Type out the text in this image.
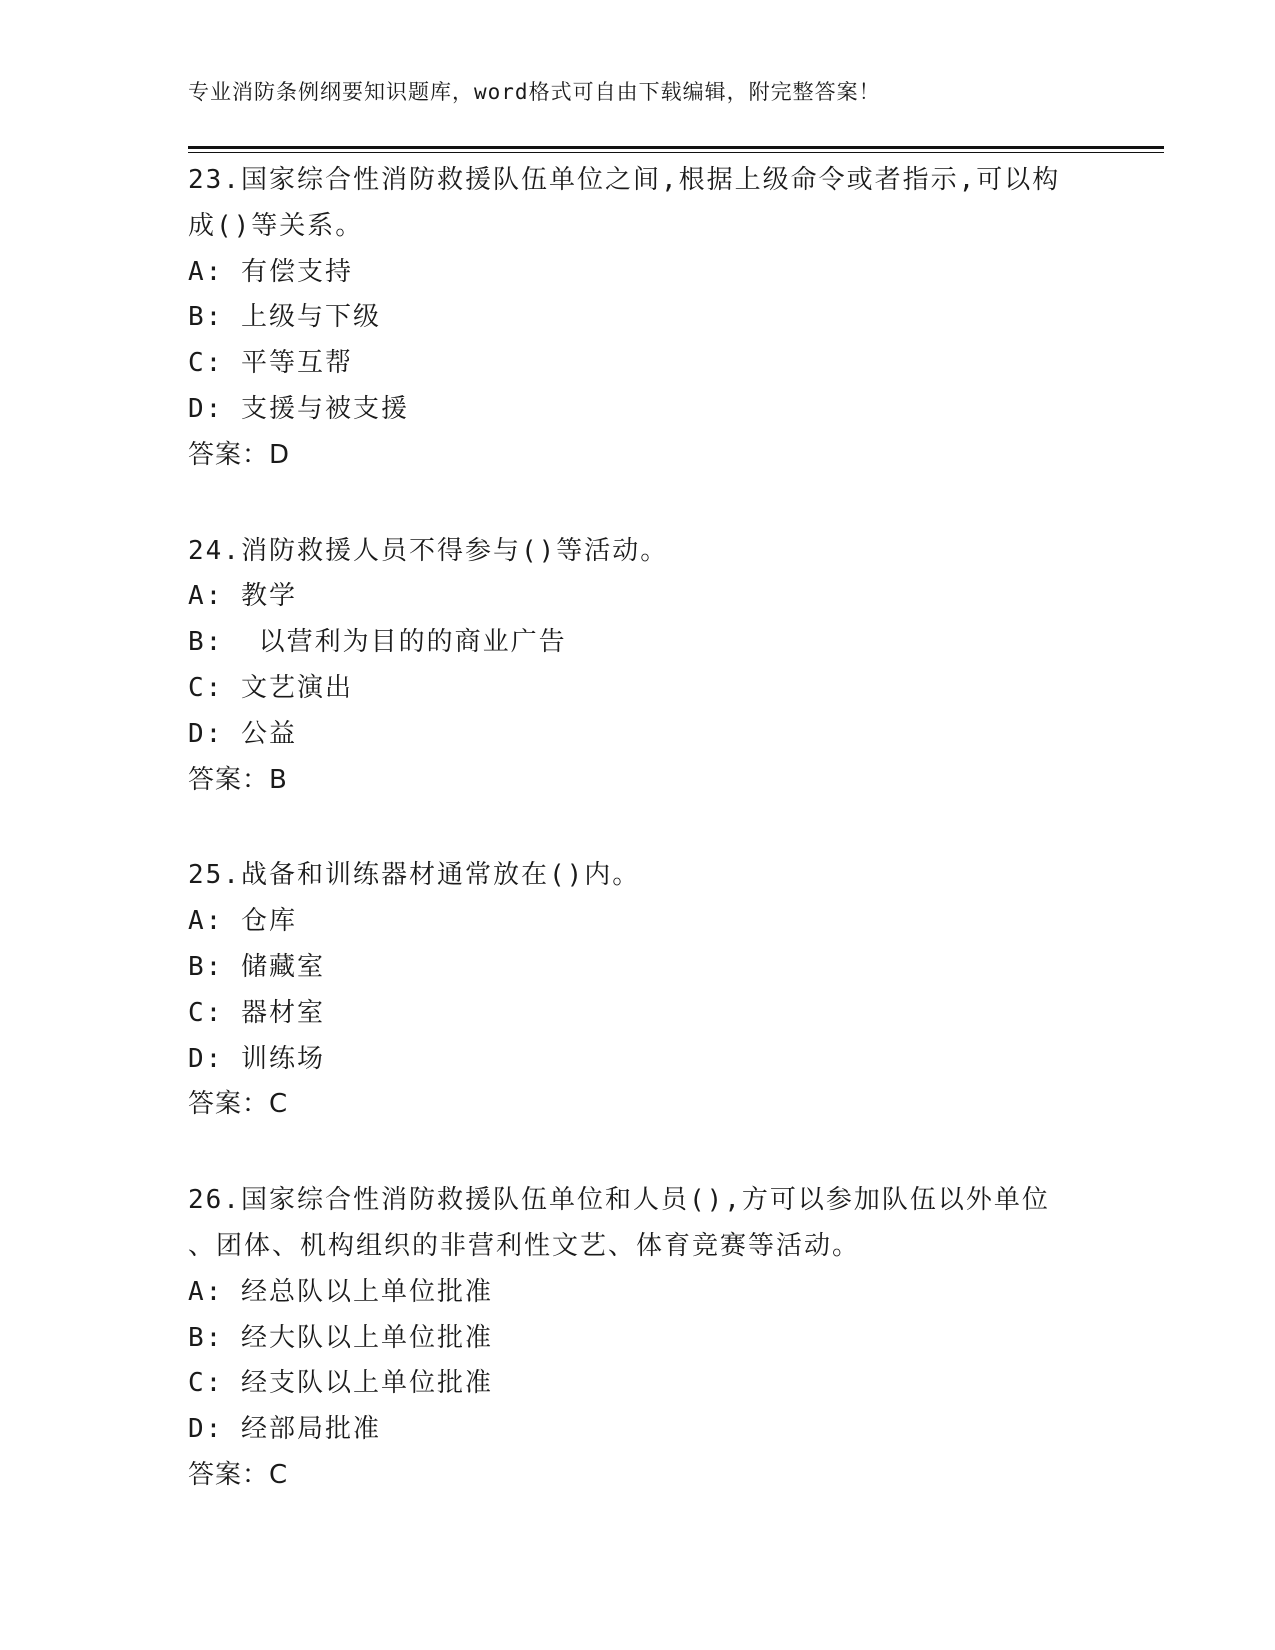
专业消防条例纲要知识题库，word格式可自由下载编辑，附完整答案！
23.国家综合性消防救援队伍单位之间,根据上级命令或者指示,可以构
成()等关系。
A: 有偿支持
B: 上级与下级
C: 平等互帮
D: 支援与被支援
答案：D
24.消防救援人员不得参与()等活动。
A: 教学
B:  以营利为目的的商业广告
C: 文艺演出
D: 公益
答案：B
25.战备和训练器材通常放在()内。
A: 仓库
B: 储藏室
C: 器材室
D: 训练场
答案：C
26.国家综合性消防救援队伍单位和人员(),方可以参加队伍以外单位
、团体、机构组织的非营利性文艺、体育竞赛等活动。
A: 经总队以上单位批准
B: 经大队以上单位批准
C: 经支队以上单位批准
D: 经部局批准
答案：C
